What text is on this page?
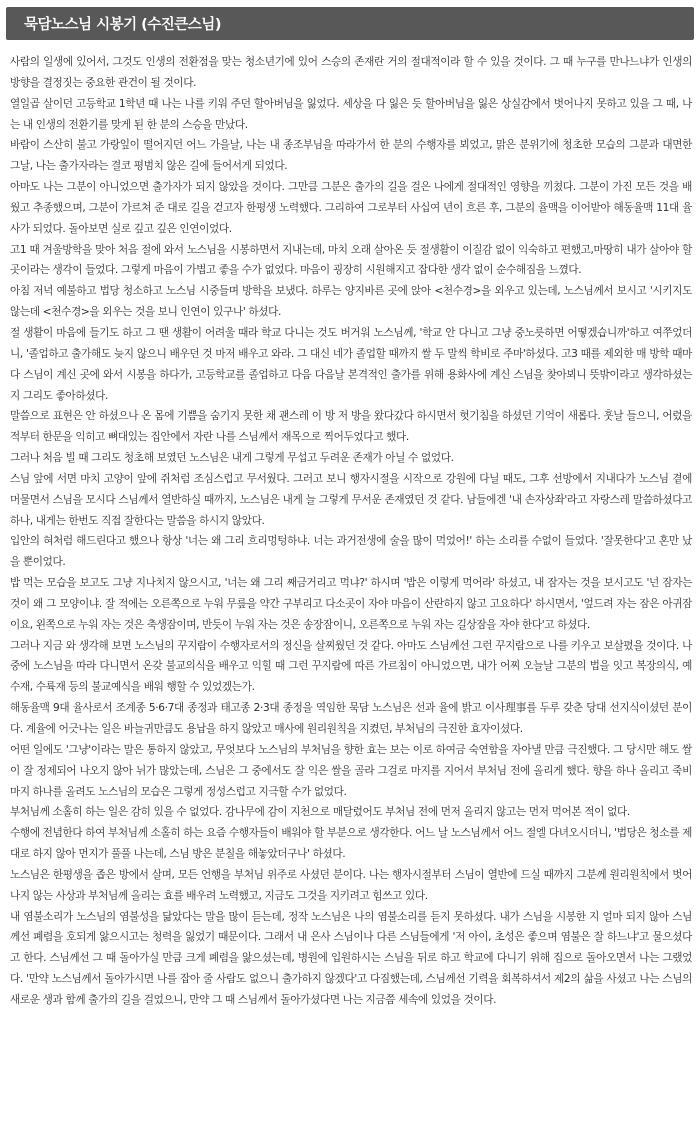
묵담노스님 시봉기 (수진큰스님)

사람의 일생에 있어서, 그것도 인생의 전환점을 맞는 청소년기에 있어 스승의 존재란 거의 절대적이라 할 수 있을 것이다. 그 때 누구를 만나느냐가 인생의 방향을 결정짓는 중요한 관건이 될 것이다.

열일곱 살이던 고등학교 1학년 때 나는 나를 키워 주던 할아버님을 잃었다. 세상을 다 잃은 듯 할아버님을 잃은 상실감에서 벗어나지 못하고 있을 그 때, 나는 내 인생의 전환기를 맞게 된 한 분의 스승을 만났다.

바람이 스산히 불고 가랑잎이 떨어지던 어느 가을날, 나는 내 종조부님을 따라가서 한 분의 수행자를 뵈었고, 맑은 분위기에 청초한 모습의 그분과 대면한 그날, 나는 출가자라는 결코 평범치 않은 길에 들어서게 되었다.

아마도 나는 그분이 아니었으면 출가자가 되지 않았을 것이다. 그만큼 그분은 출가의 길을 걸은 나에게 절대적인 영향을 끼쳤다. 그분이 가진 모든 것을 배웠고 추종했으며, 그분이 가르쳐 준 대로 길을 걷고자 한평생 노력했다. 그리하여 그로부터 사십여 년이 흐른 후, 그분의 율맥을 이어받아 해동율맥 11대 율사가 되었다. 돌아보면 실로 깊고 깊은 인연이었다.

고1 때 겨울방학을 맞아 처음 절에 와서 노스님을 시봉하면서 지내는데, 마치 오래 살아온 듯 절생활이 이질감 없이 익숙하고 편했고,마땅히 내가 살아야 할 곳이라는 생각이 들었다. 그렇게 마음이 가볍고 좋을 수가 없었다. 마음이 굉장히 시원해지고 잡다한 생각 없이 순수해짐을 느꼈다.

아침 저녁 예불하고 법당 청소하고 노스님 시중들며 방학을 보냈다. 하루는 양지바른 곳에 앉아 <천수경>을 외우고 있는데, 노스님께서 보시고 '시키지도 않는데 <천수경>을 외우는 것을 보니 인연이 있구나' 하셨다.

절 생활이 마음에 들기도 하고 그 땐 생활이 어려울 때라 학교 다니는 것도 버거워 노스님께, '학교 안 다니고 그냥 중노릇하면 어떻겠습니까'하고 여쭈었더니, '졸업하고 출가해도 늦지 않으니 배우던 것 마저 배우고 와라. 그 대신 네가 졸업할 때까지 쌀 두 말씩 학비로 주마'하셨다. 고3 때를 제외한 매 방학 때마다 스님이 계신 곳에 와서 시봉을 하다가, 고등학교를 졸업하고 다음 다음날 본격적인 출가를 위해 용화사에 계신 스님을 찾아뵈니 뜻밖이라고 생각하셨는지 그리도 좋아하셨다.

말씀으로 표현은 안 하셨으나 온 몸에 기쁨을 숨기지 못한 채 괜스레 이 방 저 방을 왔다갔다 하시면서 헛기침을 하셨던 기억이 새롭다. 훗날 들으니, 어렸을 적부터 한문을 익히고 뼈대있는 집안에서 자란 나를 스님께서 재목으로 찍어두었다고 했다.

그러나 처음 빌 때 그리도 청초해 보였던 노스님은 내게 그렇게 무섭고 두려운 존재가 아닐 수 없었다.

스님 앞에 서면 마치 고양이 앞에 쥐처럼 조심스럽고 무서웠다. 그러고 보니 행자시절을 시작으로 강원에 다닐 때도, 그후 선방에서 지내다가 노스님 곁에 머물면서 스님을 모시다 스님께서 열반하실 때까지, 노스님은 내게 늘 그렇게 무서운 존재였던 것 같다. 남들에겐 '내 손자상좌'라고 자랑스레 말씀하셨다고 하나, 내게는 한번도 직접 잘한다는 말씀을 하시지 않았다.

입안의 혀처럼 해드린다고 했으나 항상 '너는 왜 그리 흐리멍텅하냐. 너는 과거전생에 술을 많이 먹었어!' 하는 소리를 수없이 들었다. '잘못한다'고 혼만 났을 뿐이었다.

밥 먹는 모습을 보고도 그냥 지나치지 않으시고, '너는 왜 그리 째금거리고 먹냐?' 하시며 '밥은 이렇게 먹어라' 하셨고, 내 잠자는 것을 보시고도 '넌 잠자는 것이 왜 그 모양이냐. 잘 적에는 오른쪽으로 누워 무릎을 약간 구부리고 다소곳이 자야 마음이 산란하지 않고 고요하다' 하시면서, '엎드려 자는 잠은 아귀잠이요, 왼쪽으로 누워 자는 것은 축생잠이며, 반듯이 누워 자는 것은 송장잠이니, 오른쪽으로 누워 자는 길상잠을 자야 한다'고 하셨다.

그러나 지금 와 생각해 보면 노스님의 꾸지람이 수행자로서의 정신을 살찌웠던 것 같다. 아마도 스님께선 그런 꾸지람으로 나를 키우고 보살폈을 것이다. 나중에 노스님을 따라 다니면서 온갖 불교의식을 배우고 익힐 때 그런 꾸지람에 따른 가르침이 아니었으면, 내가 어찌 오늘날 그분의 법을 잇고 복장의식, 예수재, 수륙재 등의 불교예식을 배워 행할 수 있었겠는가.

해동율맥 9대 율사로서 조계종 5·6·7대 종정과 태고종 2·3대 종정을 역임한 묵담 노스님은 선과 율에 밝고 이사理事를 두루 갖춘 당대 선지식이셨던 분이다. 계율에 어긋나는 일은 바늘귀만큼도 용납을 하지 않았고 매사에 원리원칙을 지켰던, 부처님의 극진한 효자이셨다.

어떤 일에도 '그냥'이라는 말은 통하지 않았고, 무엇보다 노스님의 부처님을 향한 효는 보는 이로 하여금 숙연함을 자아낼 만큼 극진했다. 그 당시만 해도 쌀이 잘 정제되어 나오지 않아 뉘가 많았는데, 스님은 그 중에서도 잘 익은 쌀을 골라 그걸로 마지를 지어서 부처님 전에 올리게 했다. 향을 하나 올리고 죽비 마지 하나를 올려도 노스님의 모습은 그렇게 정성스럽고 지극할 수가 없었다.

부처님께 소홀히 하는 일은 감히 있을 수 없었다. 감나무에 감이 지천으로 매달렸어도 부처님 전에 먼저 올리지 않고는 먼저 먹어본 적이 없다.

수행에 전념한다 하여 부처님께 소홀히 하는 요즘 수행자들이 배워야 할 부분으로 생각한다. 어느 날 노스님께서 어느 절엘 다녀오시더니, '법당은 청소를 제대로 하지 않아 먼지가 풀풀 나는데, 스님 방은 분칠을 해놓았더구나' 하셨다.

노스님은 한평생을 좁은 방에서 살며, 모든 언행을 부처님 위주로 사셨던 분이다. 나는 행자시절부터 스님이 열반에 드실 때까지 그분께 원리원칙에서 벗어나지 않는 사상과 부처님께 올리는 효를 배우려 노력했고, 지금도 그것을 지키려고 힘쓰고 있다.

내 염불소리가 노스님의 염불성을 닮았다는 말을 많이 듣는데, 정작 노스님은 나의 염불소리를 듣지 못하셨다. 내가 스님을 시봉한 지 얼마 되지 않아 스님께선 폐렴을 호되게 앓으시고는 청력을 잃었기 때문이다. 그래서 내 은사 스님이나 다른 스님들에게 '저 아이, 초성은 좋으며 염불은 잘 하느냐'고 물으셨다고 한다. 스님께선 그 때 돌아가실 만큼 크게 폐렴을 앓으셨는데, 병원에 입원하시는 스님을 뒤로 하고 학교에 다니기 위해 집으로 돌아오면서 나는 그랬었다. '만약 노스님께서 돌아가시면 나를 잡아 줄 사람도 없으니 출가하지 않겠다'고 다짐했는데, 스님께선 기력을 회복하셔서 제2의 삶을 사셨고 나는 스님의 새로운 생과 함께 출가의 길을 걸었으니, 만약 그 때 스님께서 돌아가셨다면 나는 지금쯤 세속에 있었을 것이다.
